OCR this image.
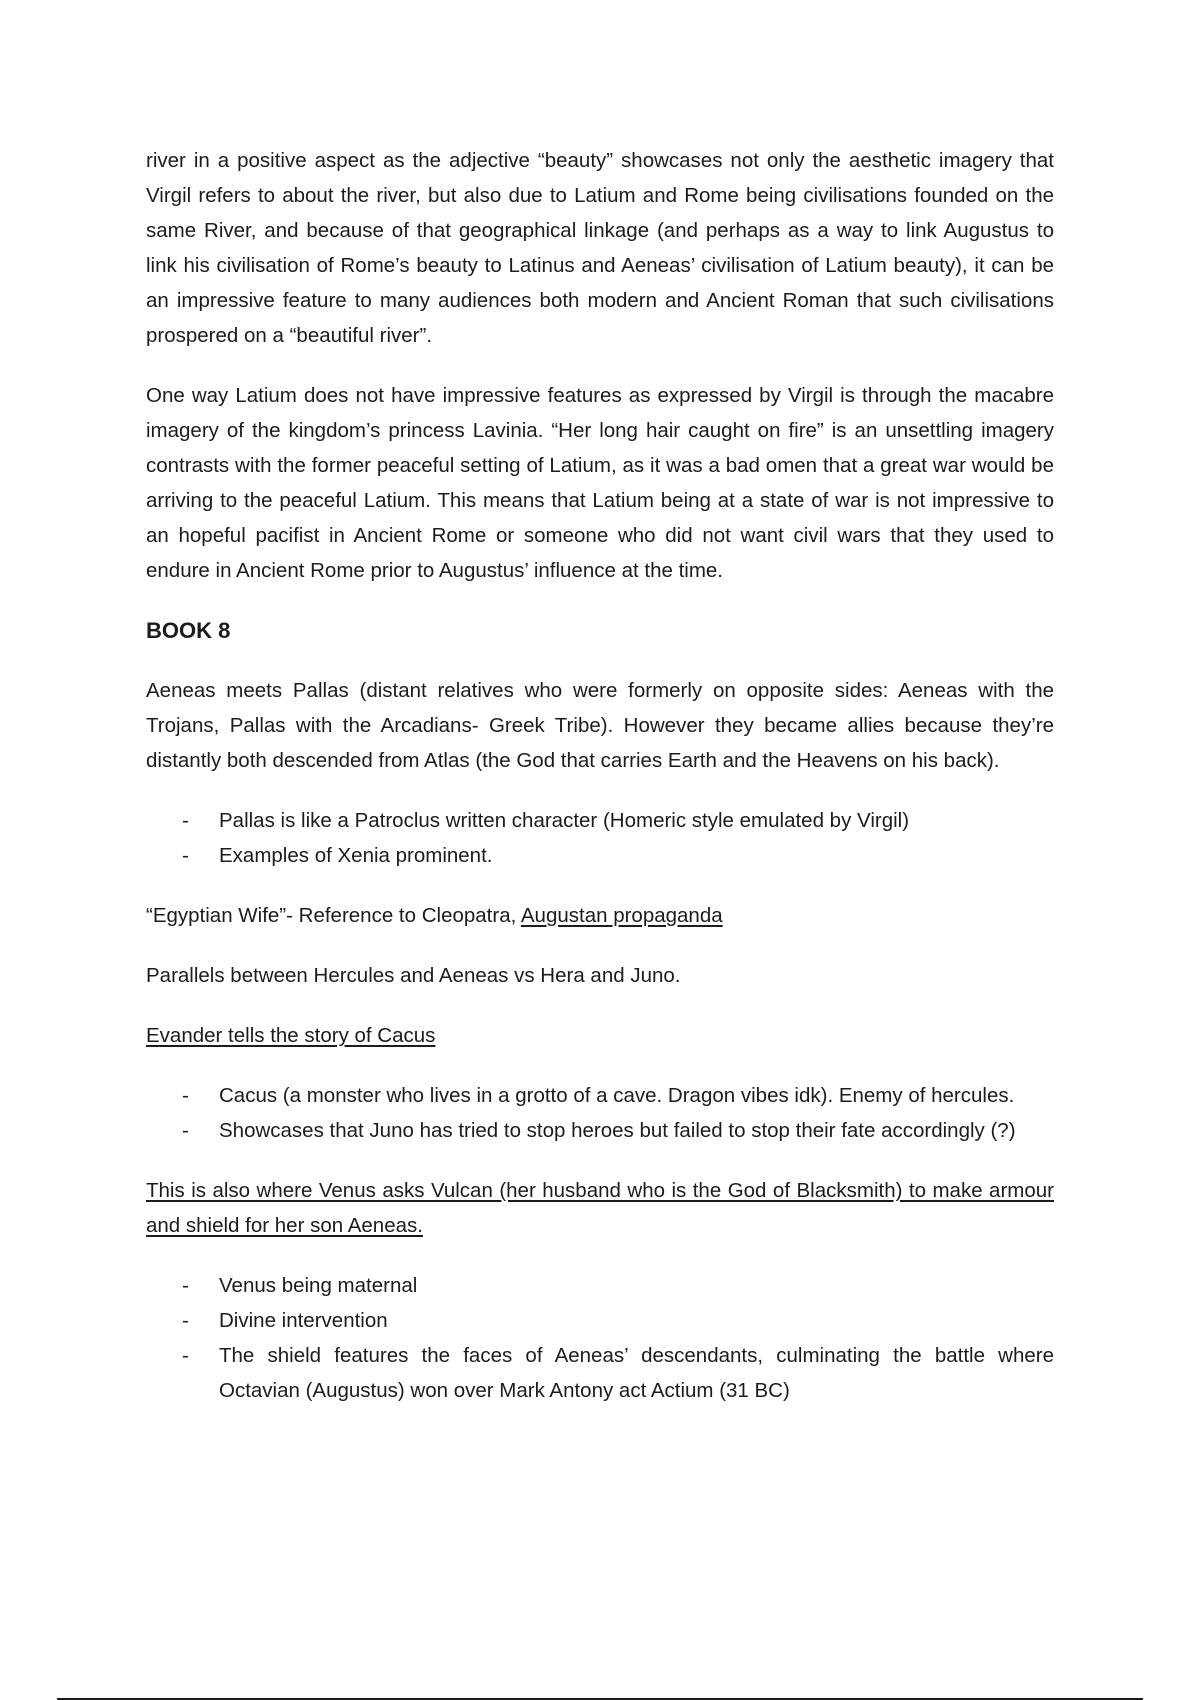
river in a positive aspect as the adjective “beauty” showcases not only the aesthetic imagery that Virgil refers to about the river, but also due to Latium and Rome being civilisations founded on the same River, and because of that geographical linkage (and perhaps as a way to link Augustus to link his civilisation of Rome’s beauty to Latinus and Aeneas’ civilisation of Latium beauty), it can be an impressive feature to many audiences both modern and Ancient Roman that such civilisations prospered on a “beautiful river”.

One way Latium does not have impressive features as expressed by Virgil is through the macabre imagery of the kingdom’s princess Lavinia. “Her long hair caught on fire” is an unsettling imagery contrasts with the former peaceful setting of Latium, as it was a bad omen that a great war would be arriving to the peaceful Latium. This means that Latium being at a state of war is not impressive to an hopeful pacifist in Ancient Rome or someone who did not want civil wars that they used to endure in Ancient Rome prior to Augustus’ influence at the time.

BOOK 8

Aeneas meets Pallas (distant relatives who were formerly on opposite sides: Aeneas with the Trojans, Pallas with the Arcadians- Greek Tribe). However they became allies because they’re distantly both descended from Atlas (the God that carries Earth and the Heavens on his back).

- Pallas is like a Patroclus written character (Homeric style emulated by Virgil)
- Examples of Xenia prominent.

“Egyptian Wife”- Reference to Cleopatra, Augustan propaganda

Parallels between Hercules and Aeneas vs Hera and Juno.

Evander tells the story of Cacus

- Cacus (a monster who lives in a grotto of a cave. Dragon vibes idk). Enemy of hercules.
- Showcases that Juno has tried to stop heroes but failed to stop their fate accordingly (?)

This is also where Venus asks Vulcan (her husband who is the God of Blacksmith) to make armour and shield for her son Aeneas.

- Venus being maternal
- Divine intervention
- The shield features the faces of Aeneas’ descendants, culminating the battle where Octavian (Augustus) won over Mark Antony act Actium (31 BC)
